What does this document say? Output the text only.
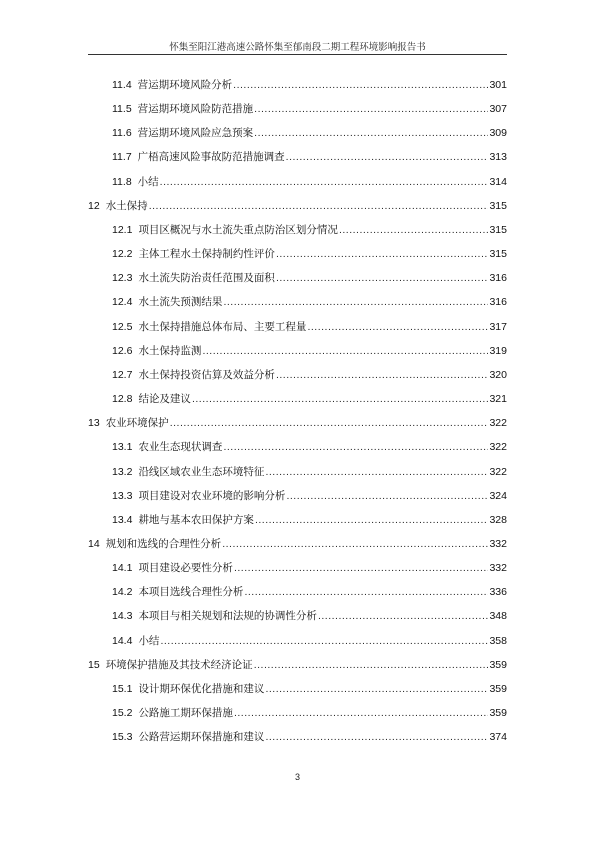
怀集至阳江港高速公路怀集至郁南段二期工程环境影响报告书
11.4 营运期环境风险分析 .....	301
11.5 营运期环境风险防范措施 .....	307
11.6 营运期环境风险应急预案 .....	309
11.7 广梧高速风险事故防范措施调查 .....	313
11.8 小结 .....	314
12 水土保持 .....	315
12.1 项目区概况与水土流失重点防治区划分情况 .....	315
12.2 主体工程水土保持制约性评价 .....	315
12.3 水土流失防治责任范围及面积 .....	316
12.4 水土流失预测结果 .....	316
12.5 水土保持措施总体布局、主要工程量 .....	317
12.6 水土保持监测 .....	319
12.7 水土保持投资估算及效益分析 .....	320
12.8 结论及建议 .....	321
13 农业环境保护 .....	322
13.1 农业生态现状调查 .....	322
13.2 沿线区域农业生态环境特征 .....	322
13.3 项目建设对农业环境的影响分析 .....	324
13.4 耕地与基本农田保护方案 .....	328
14 规划和选线的合理性分析 .....	332
14.1 项目建设必要性分析 .....	332
14.2 本项目选线合理性分析 .....	336
14.3 本项目与相关规划和法规的协调性分析 .....	348
14.4 小结 .....	358
15 环境保护措施及其技术经济论证 .....	359
15.1 设计期环保优化措施和建议 .....	359
15.2 公路施工期环保措施 .....	359
15.3 公路营运期环保措施和建议 .....	374
3
